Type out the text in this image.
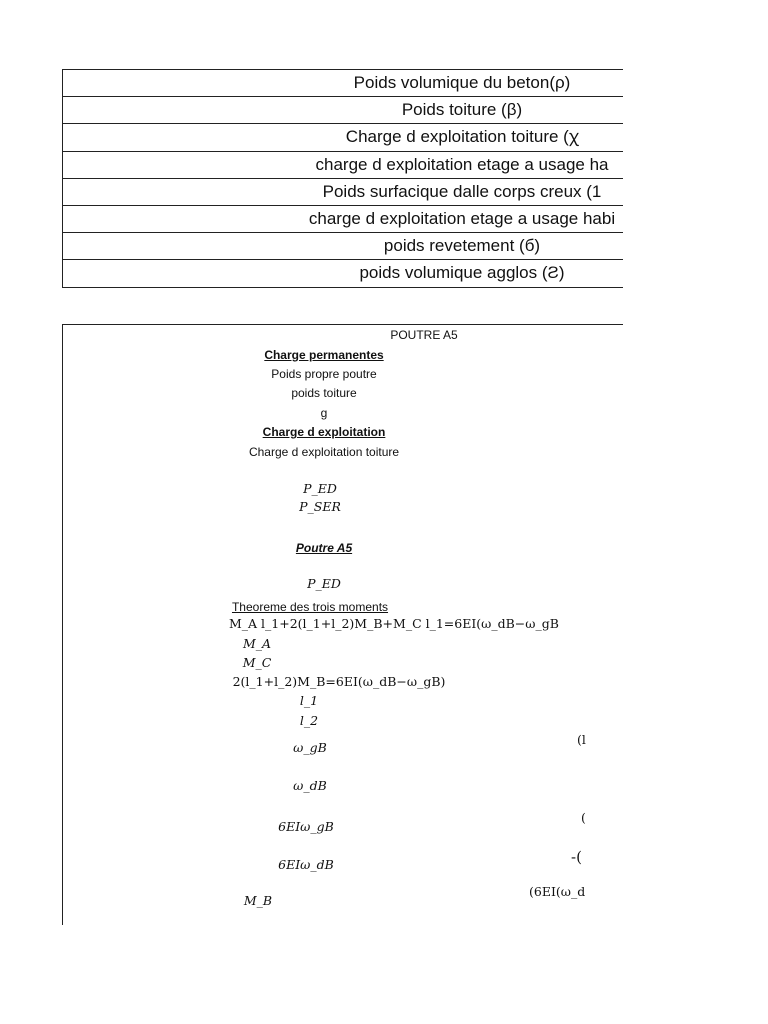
Poids volumique du beton(ρ)
Poids toiture (β)
Charge d exploitation toiture (ꭓ
charge d exploitation etage a usage ha
Poids surfacique dalle corps creux (1
charge d exploitation etage a usage habi
poids revetement (б)
poids volumique agglos (Ƨ)
POUTRE A5
Charge permanentes
Poids propre poutre
poids toiture
g
Charge d exploitation
Charge d exploitation toiture
P_ED
P_SER
Poutre A5
P_ED
Theoreme des trois moments
M_A l_1+2(l_1+l_2)M_B+M_C l_1=6EI(ω_dB−ω_gB
M_A
M_C
2(l_1+l_2)M_B=6EI(ω_dB−ω_gB)
l_1
l_2
ω_gB
(l
ω_dB
6EIω_gB
(
6EIω_dB	-(
(6EI(ω_d
M_B
